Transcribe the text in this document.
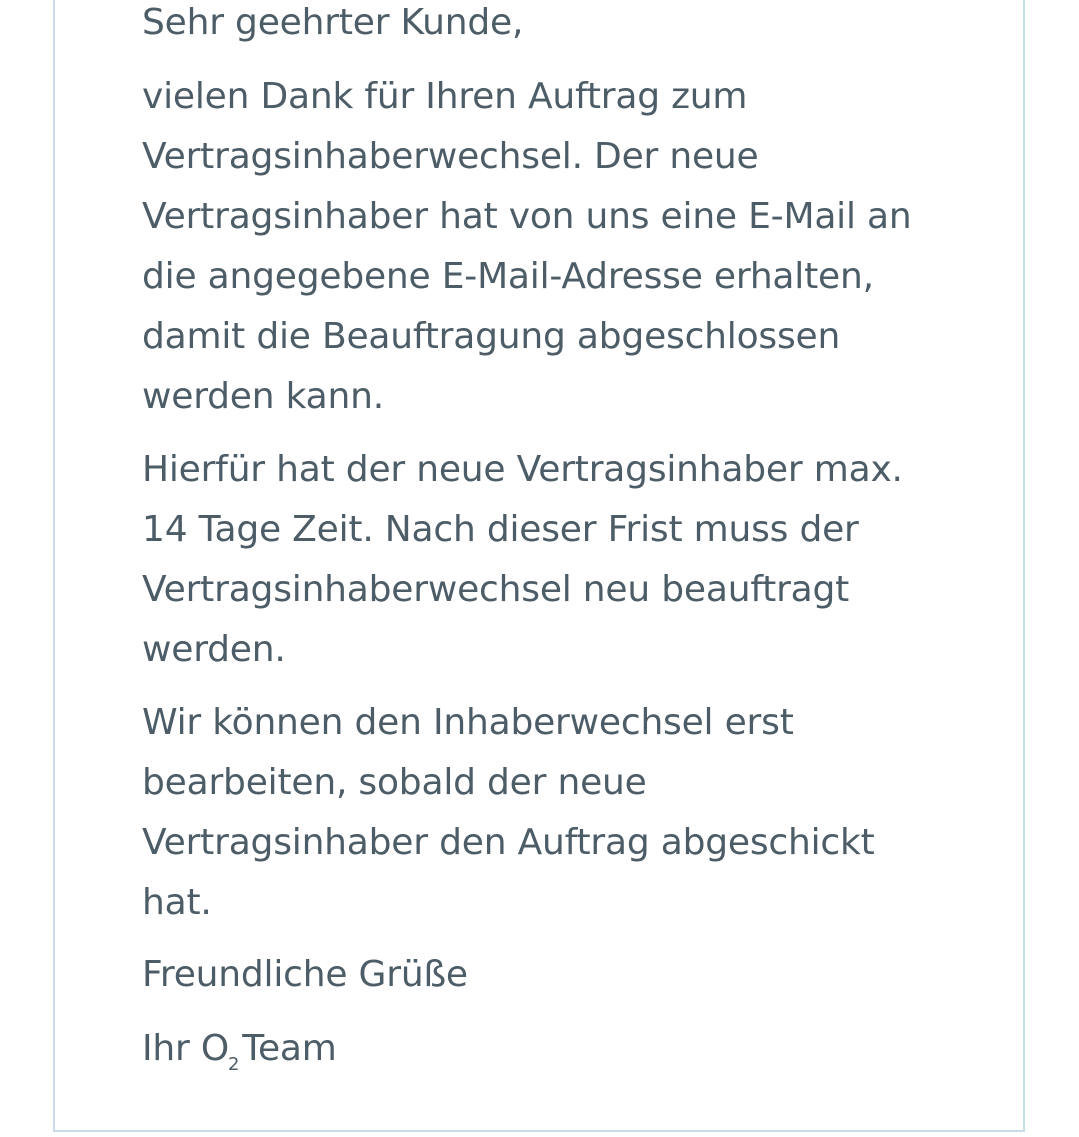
Sehr geehrter Kunde,
vielen Dank für Ihren Auftrag zum
Vertragsinhaberwechsel. Der neue
Vertragsinhaber hat von uns eine E-Mail an
die angegebene E-Mail-Adresse erhalten,
damit die Beauftragung abgeschlossen
werden kann.
Hierfür hat der neue Vertragsinhaber max.
14 Tage Zeit. Nach dieser Frist muss der
Vertragsinhaberwechsel neu beauftragt
werden.
Wir können den Inhaberwechsel erst
bearbeiten, sobald der neue
Vertragsinhaber den Auftrag abgeschickt
hat.
Freundliche Grüße
Ihr $O_2Team$
